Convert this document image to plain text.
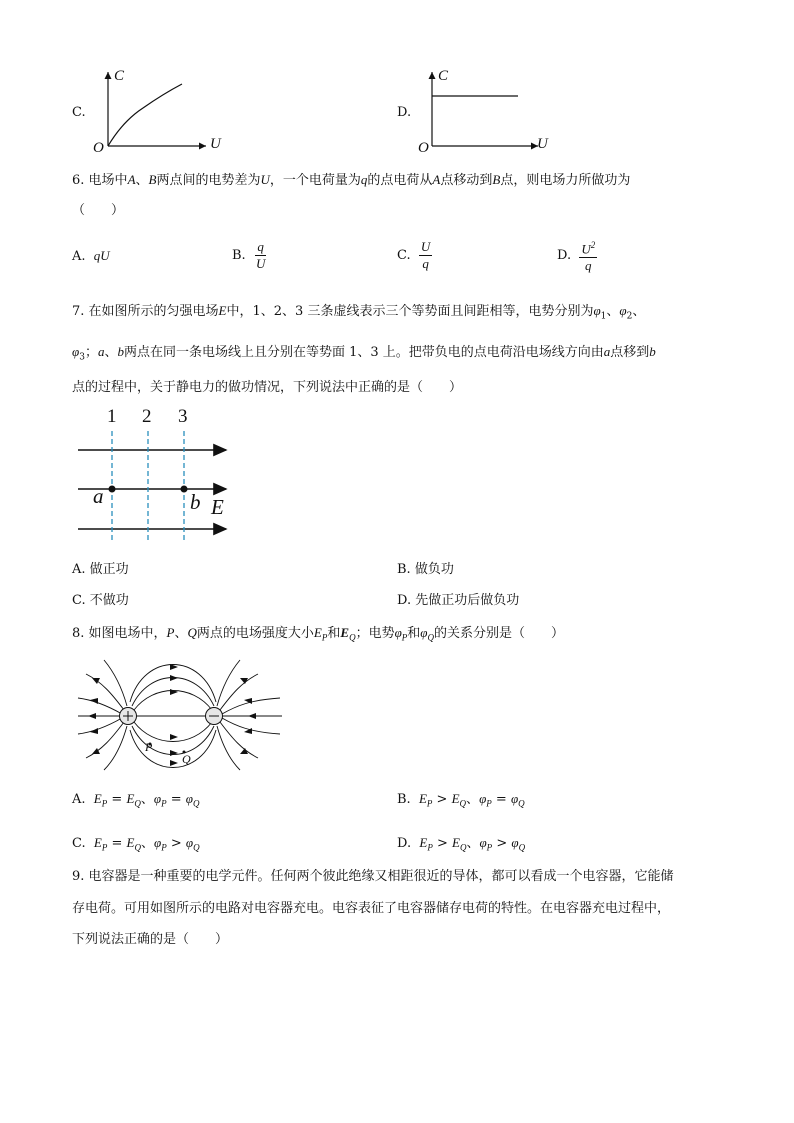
C.
C
U
O
D.
C
U
O
6. 电场中A、B两点间的电势差为U，一个电荷量为q的点电荷从A点移动到B点，则电场力所做功为
（　　）
A. qU	B. $\frac{q}{U}$	C. $\frac{U}{q}$	D. $\frac{U^2}{q}$
7. 在如图所示的匀强电场E中，1、2、3 三条虚线表示三个等势面且间距相等，电势分别为$\varphi_1$、$\varphi_2$、
$\varphi_3$；a、b两点在同一条电场线上且分别在等势面 1、3 上。把带负电的点电荷沿电场线方向由a点移到b
点的过程中，关于静电力的做功情况，下列说法中正确的是（　　）
1 2 3
a	b E
A. 做正功	B. 做负功
C. 不做功	D. 先做正功后做负功
8. 如图电场中，P、Q两点的电场强度大小$E_P$和$E_Q$；电势$\varphi_P$和$\varphi_Q$的关系分别是（　　）
P
Q
A. $E_P = E_Q$、$\varphi_P = \varphi_Q$	B. $E_P > E_Q$、$\varphi_P = \varphi_Q$
C. $E_P = E_Q$、$\varphi_P > \varphi_Q$	D. $E_P > E_Q$、$\varphi_P > \varphi_Q$
9. 电容器是一种重要的电学元件。任何两个彼此绝缘又相距很近的导体，都可以看成一个电容器，它能储
存电荷。可用如图所示的电路对电容器充电。电容表征了电容器储存电荷的特性。在电容器充电过程中，
下列说法正确的是（　　）
